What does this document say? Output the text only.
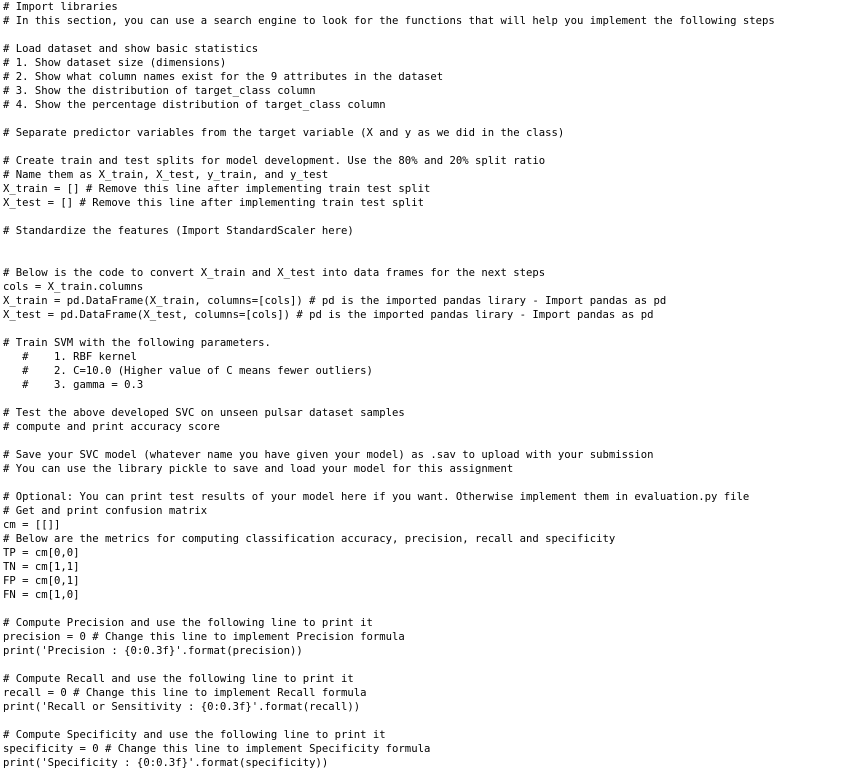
# Import libraries
# In this section, you can use a search engine to look for the functions that will help you implement the following steps
# Load dataset and show basic statistics
# 1. Show dataset size (dimensions)
# 2. Show what column names exist for the 9 attributes in the dataset
# 3. Show the distribution of target_class column
# 4. Show the percentage distribution of target_class column
# Separate predictor variables from the target variable (X and y as we did in the class)
# Create train and test splits for model development. Use the 80% and 20% split ratio
# Name them as X_train, X_test, y_train, and y_test
X_train = [] # Remove this line after implementing train test split
X_test = [] # Remove this line after implementing train test split
# Standardize the features (Import StandardScaler here)
# Below is the code to convert X_train and X_test into data frames for the next steps
cols = X_train.columns
X_train = pd.DataFrame(X_train, columns=[cols]) # pd is the imported pandas lirary - Import pandas as pd
X_test = pd.DataFrame(X_test, columns=[cols]) # pd is the imported pandas lirary - Import pandas as pd
# Train SVM with the following parameters.
#    1. RBF kernel
#    2. C=10.0 (Higher value of C means fewer outliers)
#    3. gamma = 0.3
# Test the above developed SVC on unseen pulsar dataset samples
# compute and print accuracy score
# Save your SVC model (whatever name you have given your model) as .sav to upload with your submission
# You can use the library pickle to save and load your model for this assignment
# Optional: You can print test results of your model here if you want. Otherwise implement them in evaluation.py file
# Get and print confusion matrix
cm = [[]]
# Below are the metrics for computing classification accuracy, precision, recall and specificity
TP = cm[0,0]
TN = cm[1,1]
FP = cm[0,1]
FN = cm[1,0]
# Compute Precision and use the following line to print it
precision = 0 # Change this line to implement Precision formula
print('Precision : {0:0.3f}'.format(precision))
# Compute Recall and use the following line to print it
recall = 0 # Change this line to implement Recall formula
print('Recall or Sensitivity : {0:0.3f}'.format(recall))
# Compute Specificity and use the following line to print it
specificity = 0 # Change this line to implement Specificity formula
print('Specificity : {0:0.3f}'.format(specificity))
